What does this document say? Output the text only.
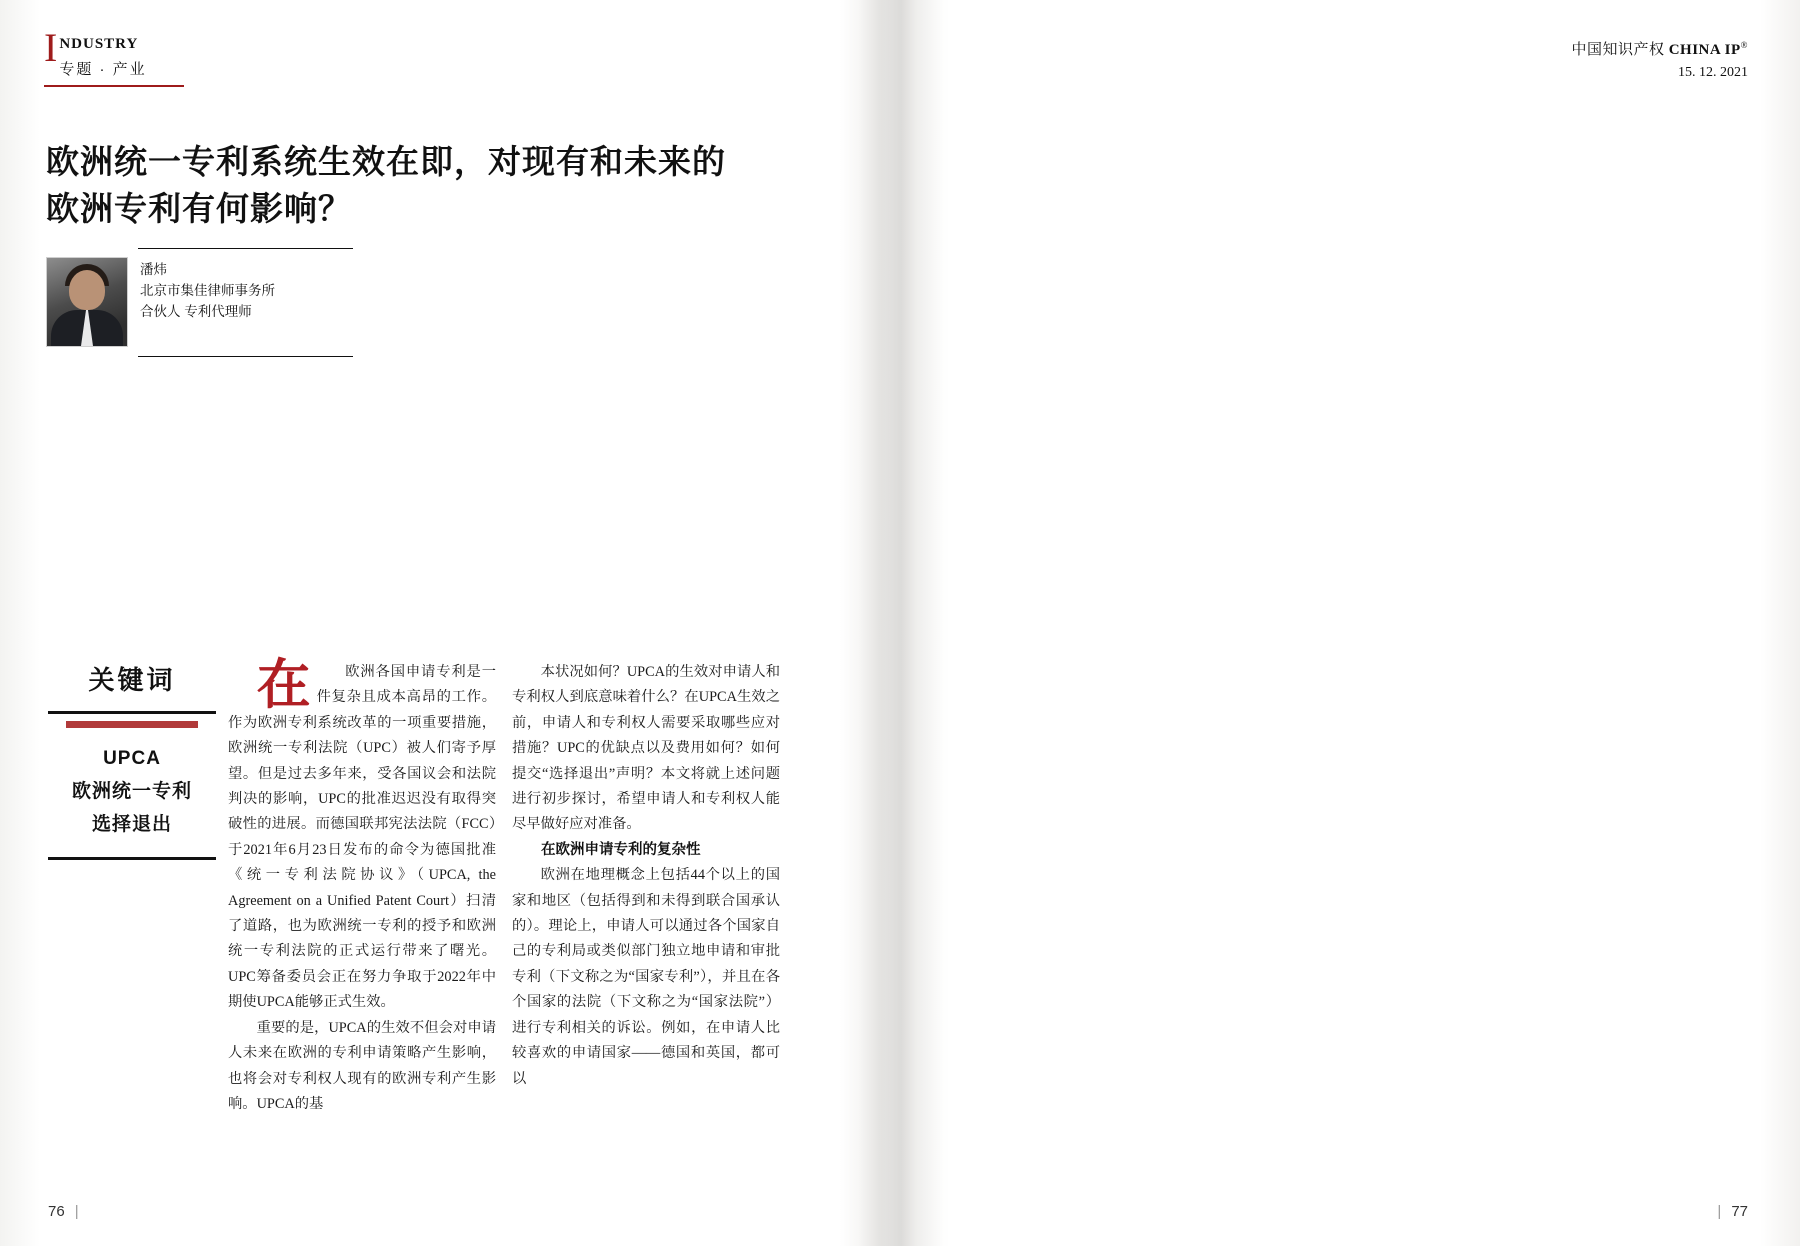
I NDUSTRY
专题 · 产业
欧洲统一专利系统生效在即，对现有和未来的欧洲专利有何影响？
潘炜
北京市集佳律师事务所
合伙人 专利代理师
关键词
UPCA
欧洲统一专利
选择退出

在 欧洲各国申请专利是一件复杂且成本高昂的工作。作为欧洲专利系统改革的一项重要措施，欧洲统一专利法院（UPC）被人们寄予厚望。但是过去多年来，受各国议会和法院判决的影响，UPC的批准迟迟没有取得突破性的进展。而德国联邦宪法法院（FCC）于2021年6月23日发布的命令为德国批准《统一专利法院协议》（UPCA, the Agreement on a Unified Patent Court）扫清了道路，也为欧洲统一专利的授予和欧洲统一专利法院的正式运行带来了曙光。UPC筹备委员会正在努力争取于2022年中期使UPCA能够正式生效。

重要的是，UPCA的生效不但会对申请人未来在欧洲的专利申请策略产生影响，也将会对专利权人现有的欧洲专利产生影响。UPCA的基

本状况如何？UPCA的生效对申请人和专利权人到底意味着什么？在UPCA生效之前，申请人和专利权人需要采取哪些应对措施？UPC的优缺点以及费用如何？如何提交“选择退出”声明？本文将就上述问题进行初步探讨，希望申请人和专利权人能尽早做好应对准备。

在欧洲申请专利的复杂性

欧洲在地理概念上包括44个以上的国家和地区（包括得到和未得到联合国承认的）。理论上，申请人可以通过各个国家自己的专利局或类似部门独立地申请和审批专利（下文称之为“国家专利”），并且在各个国家的法院（下文称之为“国家法院”）进行专利相关的诉讼。例如，在申请人比较喜欢的申请国家——德国和英国，都可以

76 |
中国知识产权 CHINA IP®
15. 12. 2021

| 77
